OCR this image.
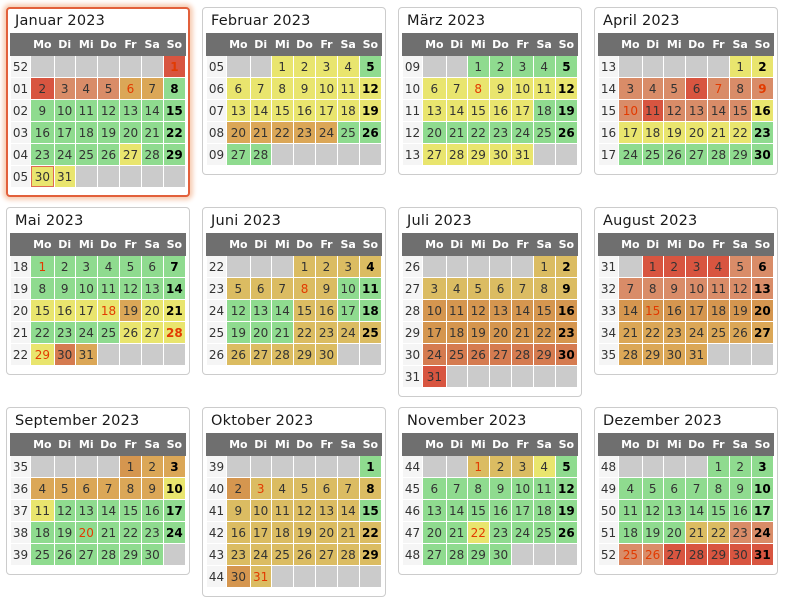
Januar 2023
	Mo	Di	Mi	Do	Fr	Sa	So
52							1
01	2	3	4	5	6	7	8
02	9	10	11	12	13	14	15
03	16	17	18	19	20	21	22
04	23	24	25	26	27	28	29
05	30	31					
Februar 2023
	Mo	Di	Mi	Do	Fr	Sa	So
05			1	2	3	4	5
06	6	7	8	9	10	11	12
07	13	14	15	16	17	18	19
08	20	21	22	23	24	25	26
09	27	28					
März 2023
	Mo	Di	Mi	Do	Fr	Sa	So
09			1	2	3	4	5
10	6	7	8	9	10	11	12
11	13	14	15	16	17	18	19
12	20	21	22	23	24	25	26
13	27	28	29	30	31		
April 2023
	Mo	Di	Mi	Do	Fr	Sa	So
13						1	2
14	3	4	5	6	7	8	9
15	10	11	12	13	14	15	16
16	17	18	19	20	21	22	23
17	24	25	26	27	28	29	30
Mai 2023
	Mo	Di	Mi	Do	Fr	Sa	So
18	1	2	3	4	5	6	7
19	8	9	10	11	12	13	14
20	15	16	17	18	19	20	21
21	22	23	24	25	26	27	28
22	29	30	31				
Juni 2023
	Mo	Di	Mi	Do	Fr	Sa	So
22				1	2	3	4
23	5	6	7	8	9	10	11
24	12	13	14	15	16	17	18
25	19	20	21	22	23	24	25
26	26	27	28	29	30		
Juli 2023
	Mo	Di	Mi	Do	Fr	Sa	So
26						1	2
27	3	4	5	6	7	8	9
28	10	11	12	13	14	15	16
29	17	18	19	20	21	22	23
30	24	25	26	27	28	29	30
31	31						
August 2023
	Mo	Di	Mi	Do	Fr	Sa	So
31		1	2	3	4	5	6
32	7	8	9	10	11	12	13
33	14	15	16	17	18	19	20
34	21	22	23	24	25	26	27
35	28	29	30	31			
September 2023
	Mo	Di	Mi	Do	Fr	Sa	So
35					1	2	3
36	4	5	6	7	8	9	10
37	11	12	13	14	15	16	17
38	18	19	20	21	22	23	24
39	25	26	27	28	29	30	
Oktober 2023
	Mo	Di	Mi	Do	Fr	Sa	So
39							1
40	2	3	4	5	6	7	8
41	9	10	11	12	13	14	15
42	16	17	18	19	20	21	22
43	23	24	25	26	27	28	29
44	30	31					
November 2023
	Mo	Di	Mi	Do	Fr	Sa	So
44			1	2	3	4	5
45	6	7	8	9	10	11	12
46	13	14	15	16	17	18	19
47	20	21	22	23	24	25	26
48	27	28	29	30			
Dezember 2023
	Mo	Di	Mi	Do	Fr	Sa	So
48					1	2	3
49	4	5	6	7	8	9	10
50	11	12	13	14	15	16	17
51	18	19	20	21	22	23	24
52	25	26	27	28	29	30	31
